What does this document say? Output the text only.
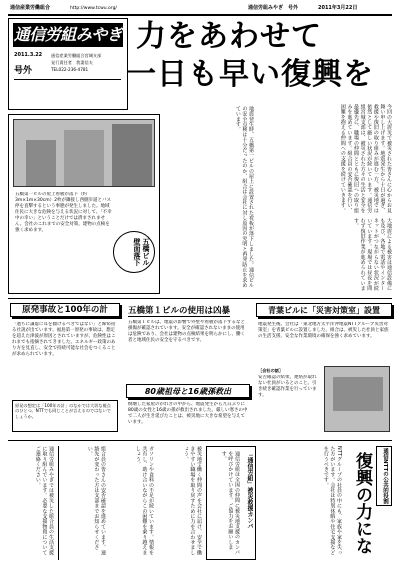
通信産業労働組合	http://www.tcwu.org/	通信労組みやぎ　号外	2011年3月22日
通信労組みやぎ
2011.3.22
号外
通信産業労働組合宮城支部
発行責任者　我妻信夫
TEL022-236-4781
力をあわせて
一日も早い復興を
今回の大震災で被災された皆さんに心からお見舞い申し上げます。地震発生から十日が過ぎ、救援や復旧の取り組みが進む一方、被災地では依然として厳しい状況が続いています。通信労組宮城支部は、被災された方々の生活と安全を最優先に、職場の仲間とともに復旧への取り組みを進めています。組合員の安否確認を行い、困難を抱える仲間への支援を続けていきます。
五橋第一ビルの屋上看板が落下（約3m×1m×30cm）2枚が隣接し西側歩道とバス停を直撃するという事態が発生しました。地域住民に大きな危険を与える状況に対して、「不幸中の幸い」ということだけでは済まされません。会社のこれまでの安全対策、建物の点検を強く求めます。
五橋ビル壁面落下	地震発生時、五橋第一ビルの屋上に設置された看板が落下しました。通信ビルの安全点検は十分だったのか、組合は会社に対し原因の究明と再発防止を求めています。
大地震による被害は通信設備にも及び、各地で電話やインターネットがつながらない状況が続いています。現場では昼夜を問わず復旧作業が進められています。
原発事故と100年の計
「過ちに謙虚に耳を傾けるべきではない」と締め括る社説が出ています。福島第一原発の事故は、想定を超えた津波が原因とされていますが、危険性はこれまでも指摘されてきました。エネルギー政策のあり方を見直し、安全で持続可能な社会をつくることが求められています。
原発の想定は「100年の計」のなかでは大切な視点のひとつ。NTTでも同じことが言えるのではないでしょうか。
五橋第１ビルの使用は凶暴
五橋第１ビルは、地震の影響で外壁や看板が落下するなど損傷が確認されています。安全が確認されないままの使用は危険であり、会社は建物の点検結果を明らかにし、働く者と地域住民の安全を守るべきです。
青葉ビルに「災害対策室」設置
地震発生後、会社は「東北地方太平洋沖地震NTTグループ災害対策室」を青葉ビルに設置しました。組合は、被災した社員と家族の生活支援、安全な作業環境の確保を強く求めています。
［会社の話］
安否確認の結果、連絡が取れない社員がいるとのこと。引き続き確認作業を行っています。
80歳祖母と16歳孫救出
倒壊した家屋のがれきの中から、地震発生から九日ぶりに80歳の女性と16歳の孫が救出されました。厳しい寒さの中で二人が生き延びたことは、被災地に大きな希望を与えています。
通信労組みやぎでは被災した組合員の生活支援に取り組んでいます。必要な支援物資についてご連絡ください。	組合員の皆さんの安否確認を進めています。連絡先が変わった方は支部までお知らせください。	ガソリンや食料の不足が続いています。情報を共有し、助け合いながらこの困難を乗り越えましょう。	被災地で働く仲間の声を会社に届け、安全で働きやすい職場を取り戻すために力を合わせましょう。	「通信労組」被災救援カンパ
通信労組は全国の仲間に被災地支援のカンパを呼びかけています。ご協力をお願いします。	NTTグループの社員の中にも、家族や家を失った方がいます。会社は特別休暇や住宅支援などを行うべきです。	通信NTTの公共的役割
復興の力にな
